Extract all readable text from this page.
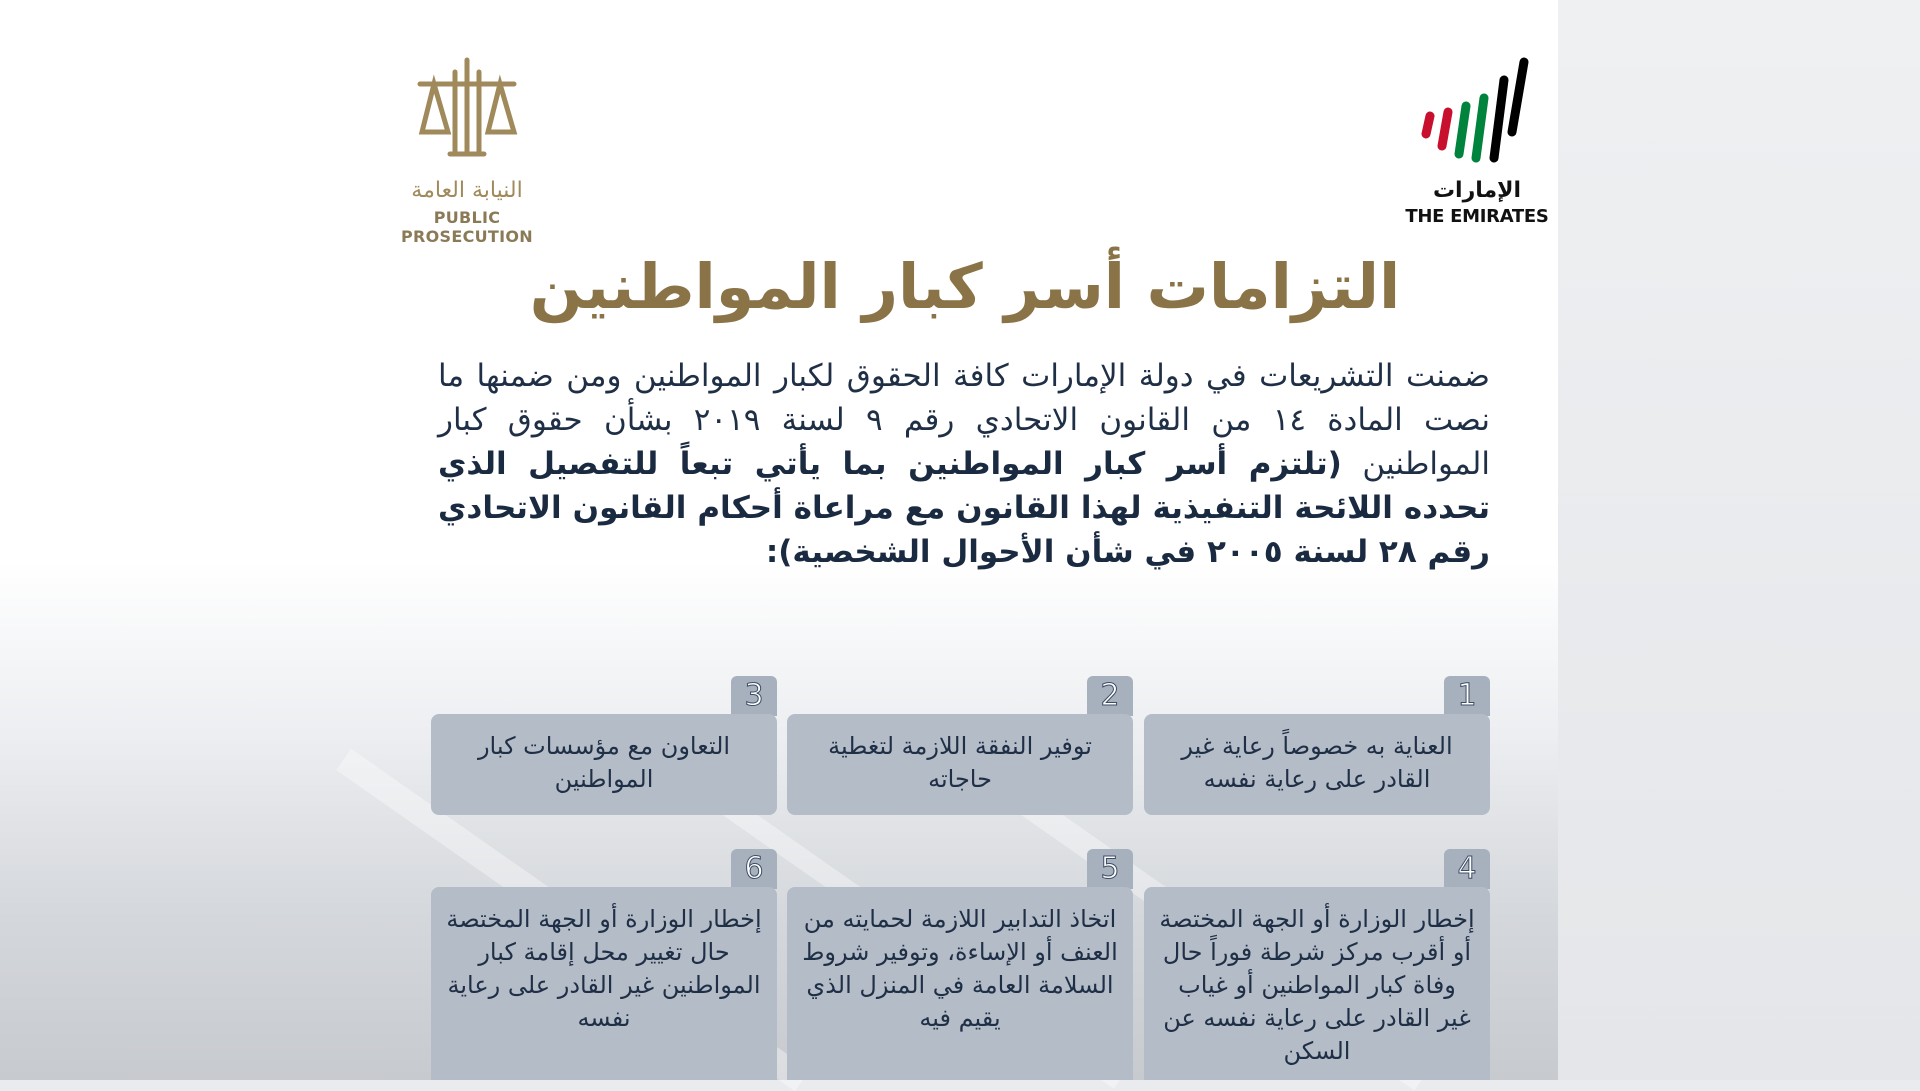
النيابة العامة
PUBLIC PROSECUTION
الإمارات
THE EMIRATES
التزامات أسر كبار المواطنين
ضمنت التشريعات في دولة الإمارات كافة الحقوق لكبار المواطنين ومن ضمنها ما نصت المادة ١٤ من القانون الاتحادي رقم ٩ لسنة ٢٠١٩ بشأن حقوق كبار المواطنين (تلتزم أسر كبار المواطنين بما يأتي تبعاً للتفصيل الذي تحدده اللائحة التنفيذية لهذا القانون مع مراعاة أحكام القانون الاتحادي رقم ٢٨ لسنة ٢٠٠٥ في شأن الأحوال الشخصية):
1
العناية به خصوصاً رعاية غير القادر على رعاية نفسه
2
توفير النفقة اللازمة لتغطية حاجاته
3
التعاون مع مؤسسات كبار المواطنين
4
إخطار الوزارة أو الجهة المختصة أو أقرب مركز شرطة فوراً حال وفاة كبار المواطنين أو غياب غير القادر على رعاية نفسه عن السكن
5
اتخاذ التدابير اللازمة لحمايته من العنف أو الإساءة، وتوفير شروط السلامة العامة في المنزل الذي يقيم فيه
6
إخطار الوزارة أو الجهة المختصة حال تغيير محل إقامة كبار المواطنين غير القادر على رعاية نفسه
